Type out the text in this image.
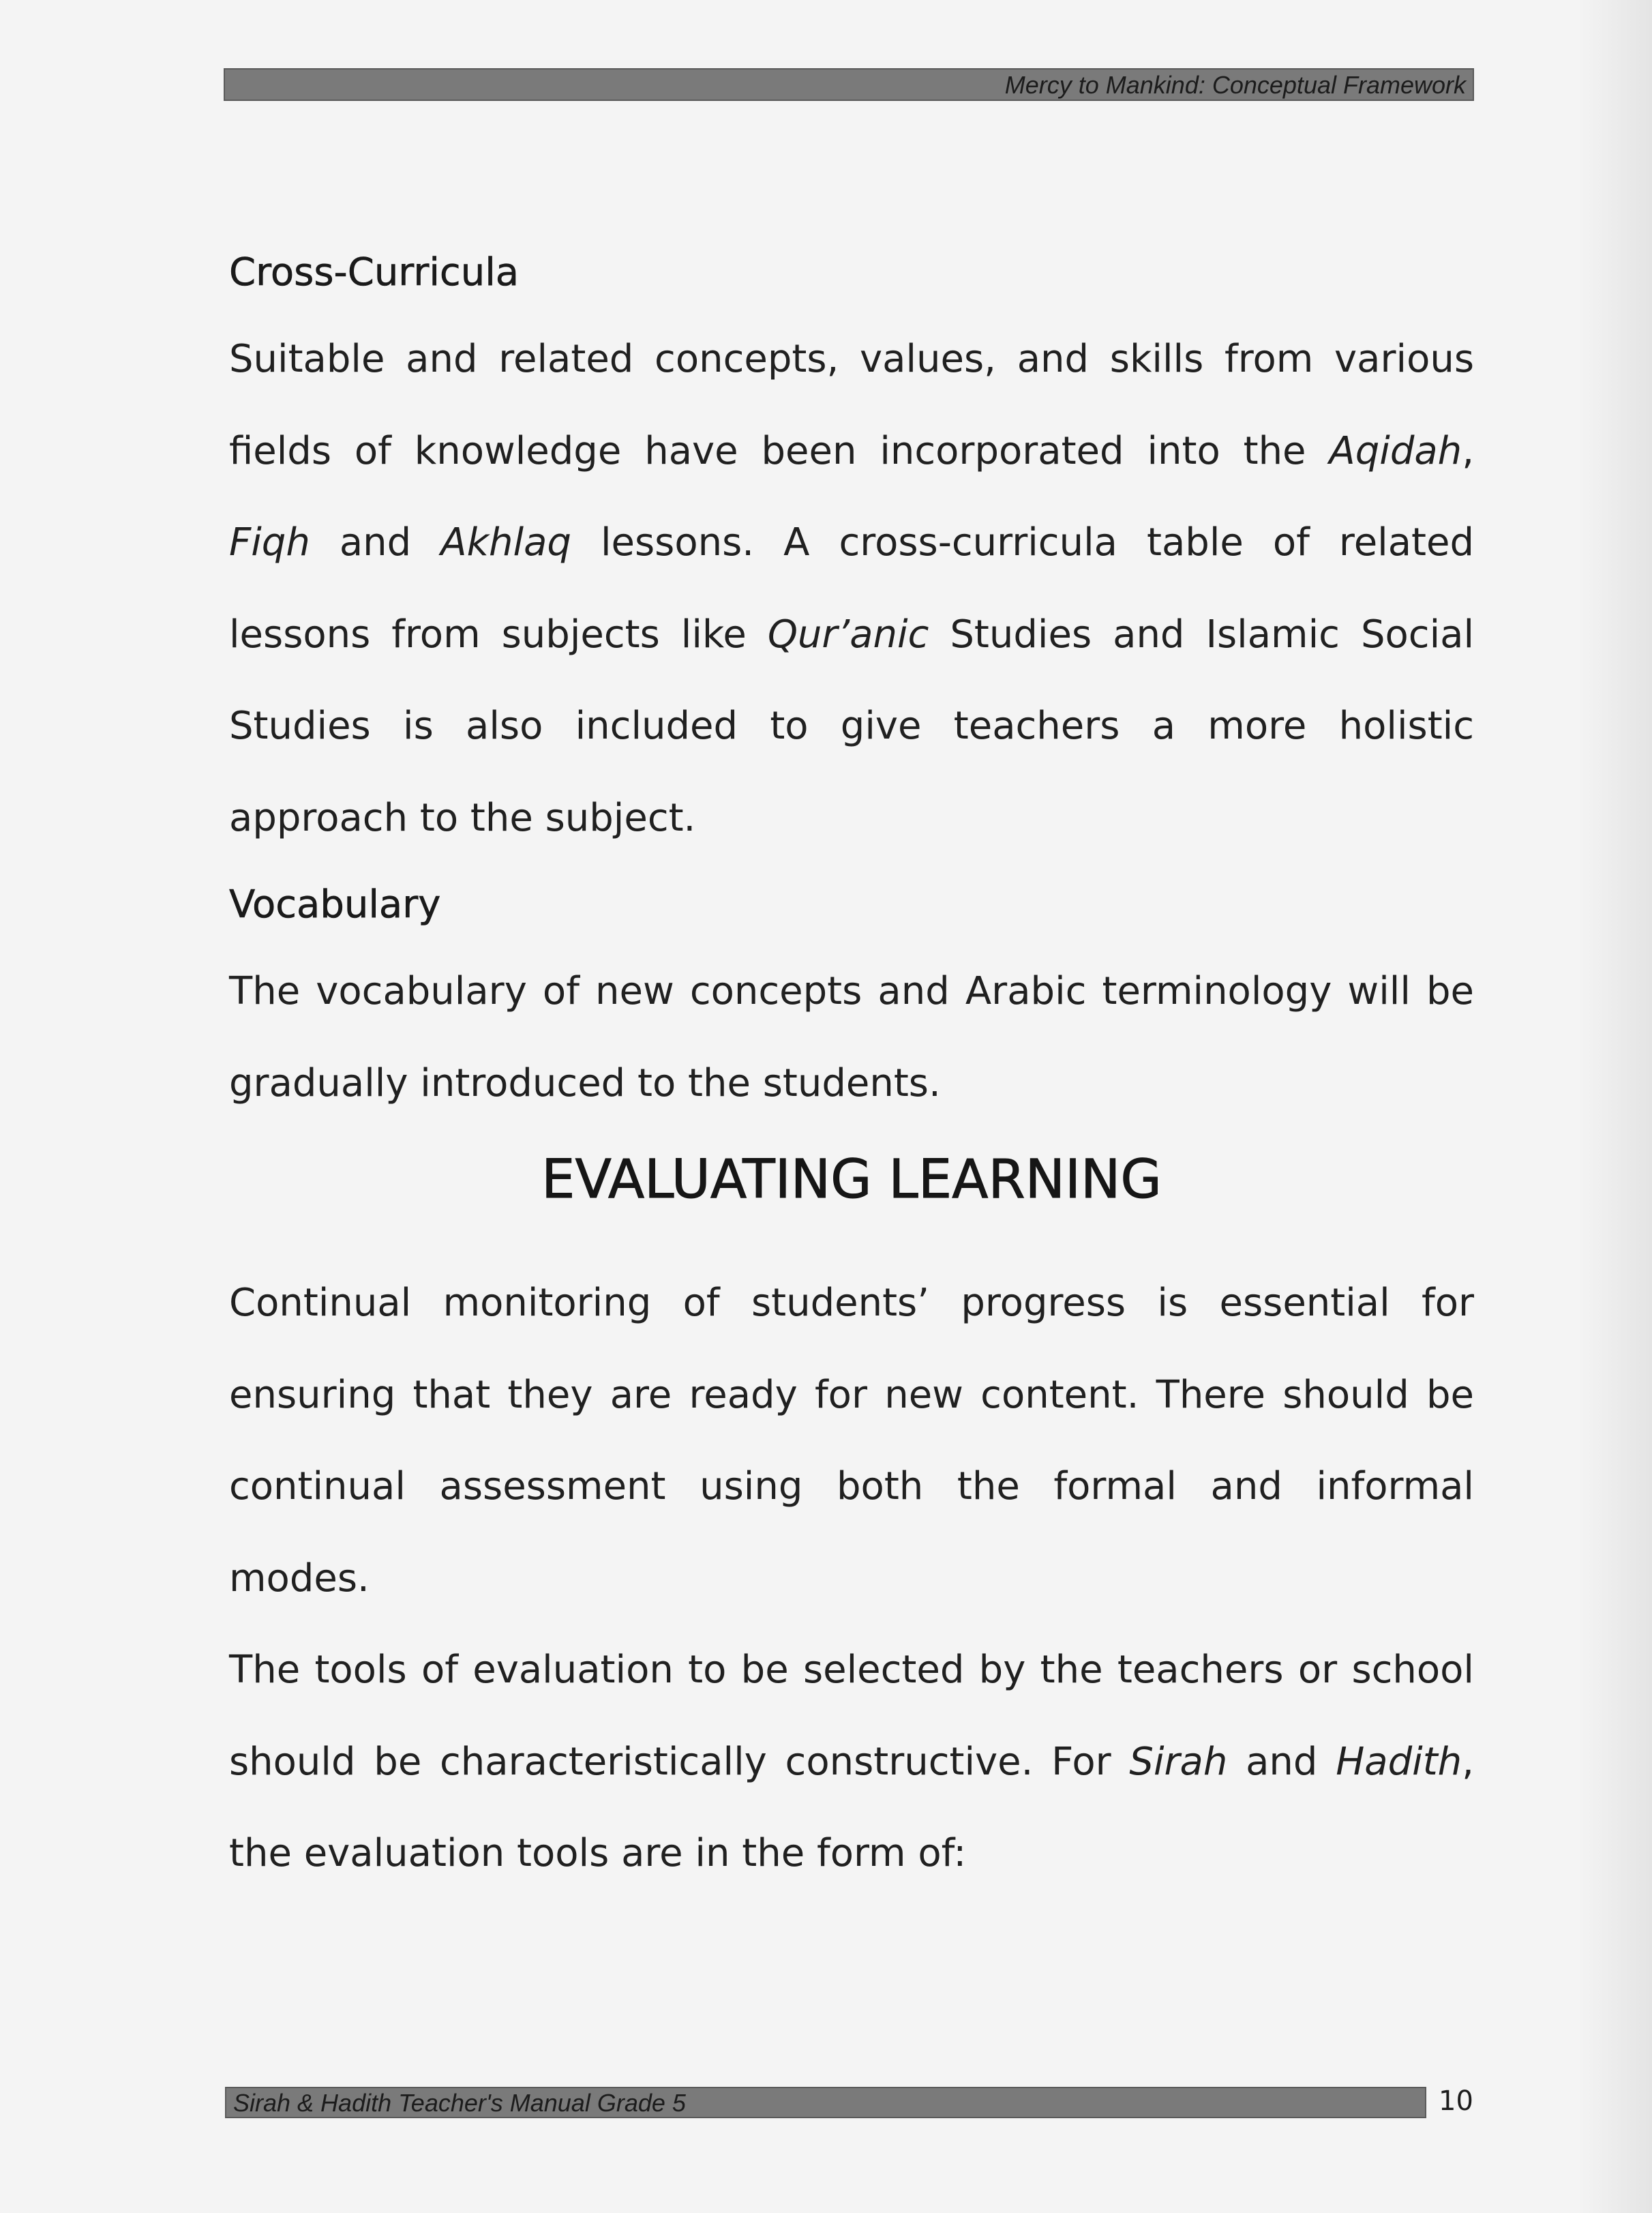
Mercy to Mankind: Conceptual Framework
Cross-Curricula

Suitable and related concepts, values, and skills from various fields of knowledge have been incorporated into the Aqidah, Fiqh and Akhlaq lessons. A cross-curricula table of related lessons from subjects like Qur’anic Studies and Islamic Social Studies is also included to give teachers a more holistic approach to the subject.

Vocabulary

The vocabulary of new concepts and Arabic terminology will be gradually introduced to the students.

EVALUATING LEARNING

Continual monitoring of students’ progress is essential for ensuring that they are ready for new content. There should be continual assessment using both the formal and informal modes.

The tools of evaluation to be selected by the teachers or school should be characteristically constructive. For Sirah and Hadith, the evaluation tools are in the form of:

Sirah & Hadith Teacher's Manual Grade 5	10
